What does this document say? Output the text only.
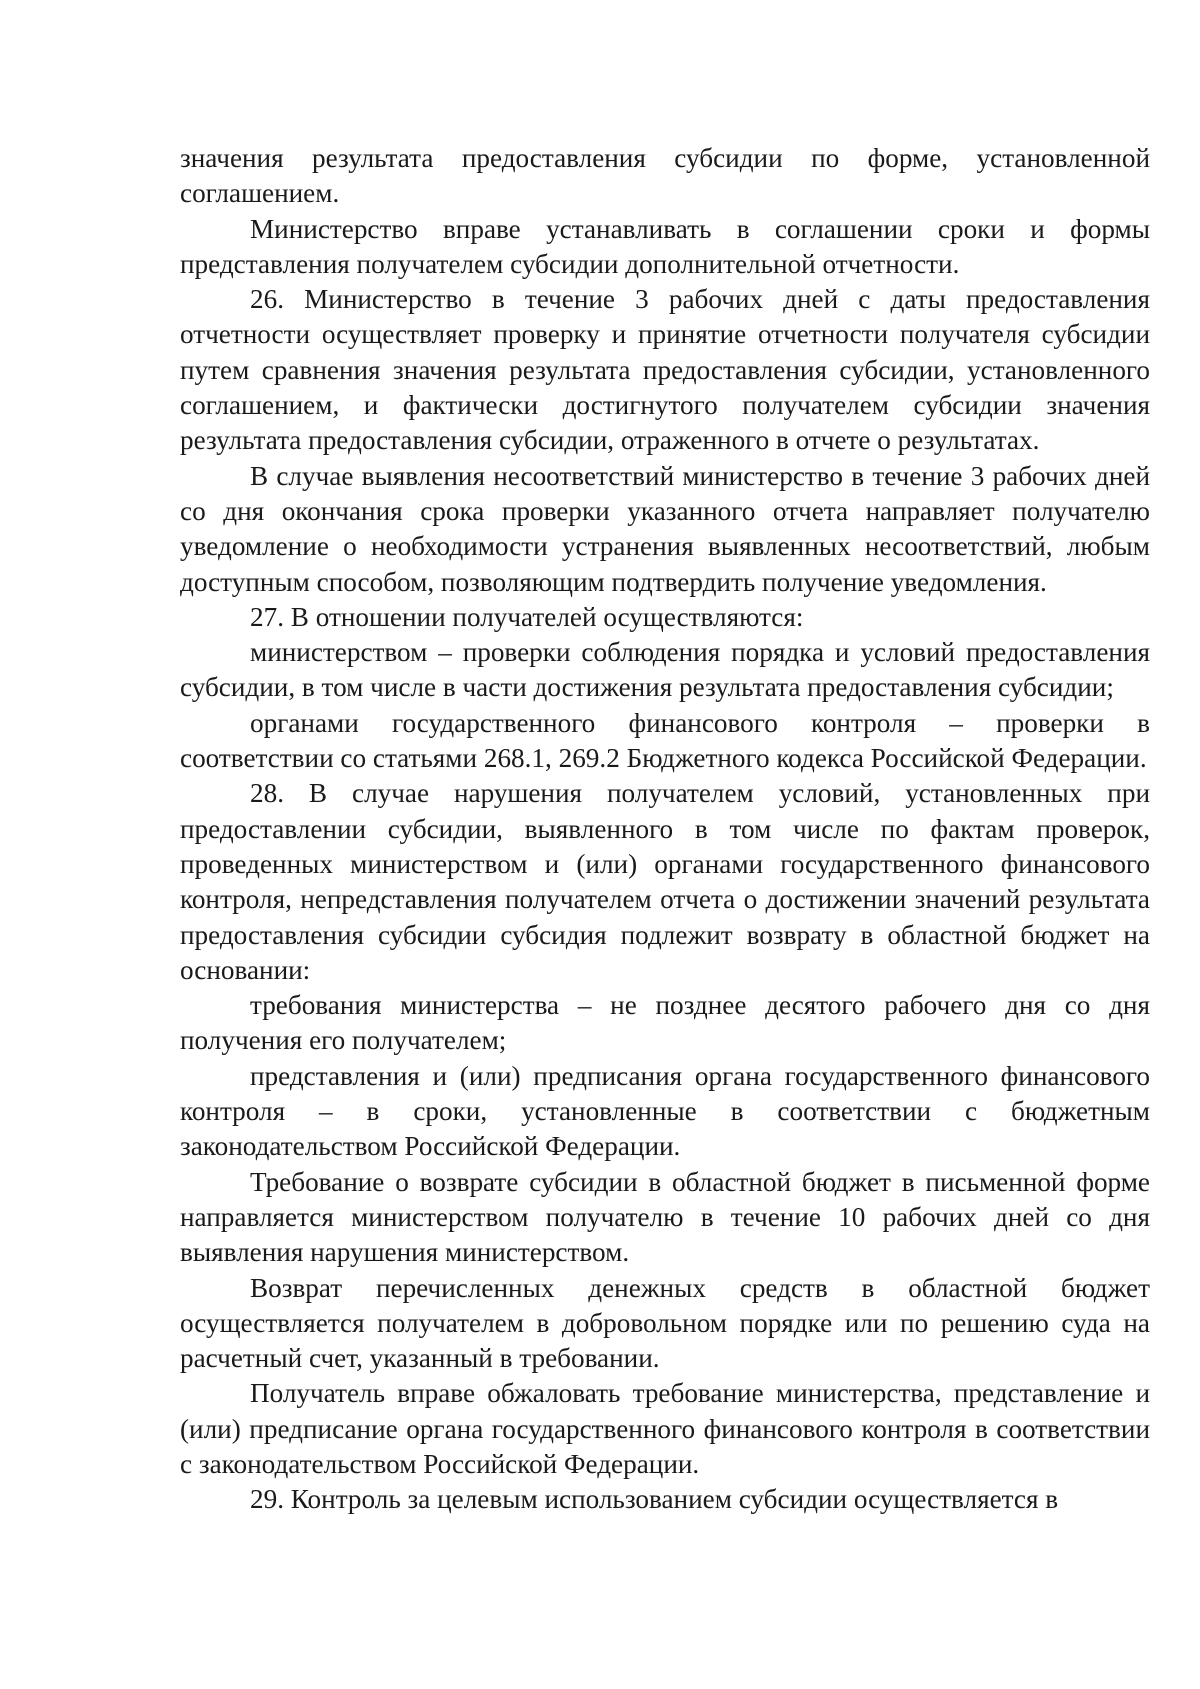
значения результата предоставления субсидии по форме, установленной соглашением.

Министерство вправе устанавливать в соглашении сроки и формы представления получателем субсидии дополнительной отчетности.

26. Министерство в течение 3 рабочих дней с даты предоставления отчетности осуществляет проверку и принятие отчетности получателя субсидии путем сравнения значения результата предоставления субсидии, установленного соглашением, и фактически достигнутого получателем субсидии значения результата предоставления субсидии, отраженного в отчете о результатах.

В случае выявления несоответствий министерство в течение 3 рабочих дней со дня окончания срока проверки указанного отчета направляет получателю уведомление о необходимости устранения выявленных несоответствий, любым доступным способом, позволяющим подтвердить получение уведомления.

27. В отношении получателей осуществляются:

министерством – проверки соблюдения порядка и условий предоставления субсидии, в том числе в части достижения результата предоставления субсидии;

органами государственного финансового контроля – проверки в соответствии со статьями 268.1, 269.2 Бюджетного кодекса Российской Федерации.

28. В случае нарушения получателем условий, установленных при предоставлении субсидии, выявленного в том числе по фактам проверок, проведенных министерством и (или) органами государственного финансового контроля, непредставления получателем отчета о достижении значений результата предоставления субсидии субсидия подлежит возврату в областной бюджет на основании:

требования министерства – не позднее десятого рабочего дня со дня получения его получателем;

представления и (или) предписания органа государственного финансового контроля – в сроки, установленные в соответствии с бюджетным законодательством Российской Федерации.

Требование о возврате субсидии в областной бюджет в письменной форме направляется министерством получателю в течение 10 рабочих дней со дня выявления нарушения министерством.

Возврат перечисленных денежных средств в областной бюджет осуществляется получателем в добровольном порядке или по решению суда на расчетный счет, указанный в требовании.

Получатель вправе обжаловать требование министерства, представление и (или) предписание органа государственного финансового контроля в соответствии с законодательством Российской Федерации.

29. Контроль за целевым использованием субсидии осуществляется в
